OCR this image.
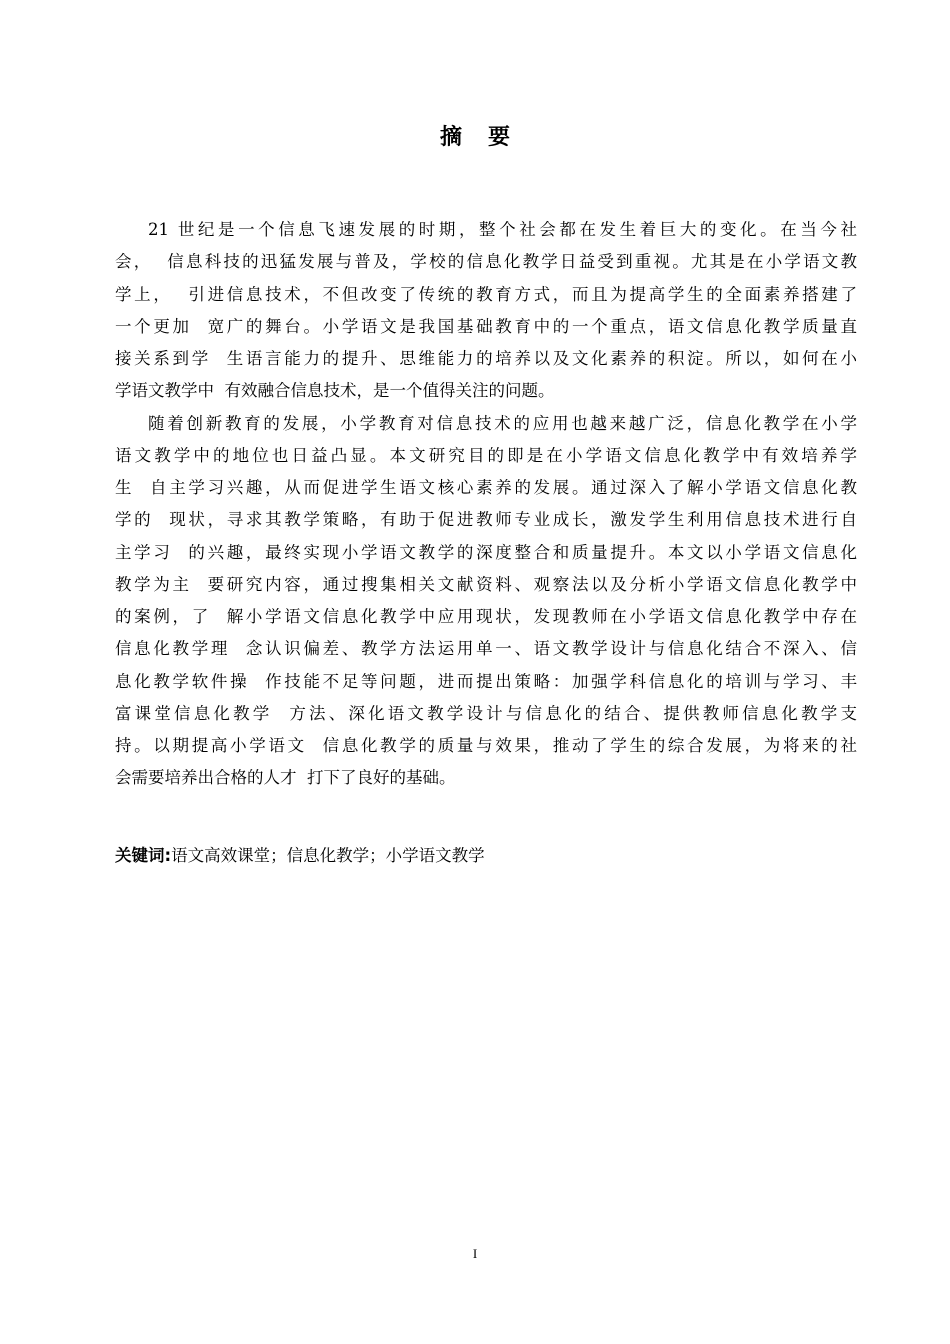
摘要
21 世纪是一个信息飞速发展的时期，整个社会都在发生着巨大的变化。在当今社
会，  信息科技的迅猛发展与普及，学校的信息化教学日益受到重视。尤其是在小学语文教
学上，  引进信息技术，不但改变了传统的教育方式，而且为提高学生的全面素养搭建了
一个更加  宽广的舞台。小学语文是我国基础教育中的一个重点，语文信息化教学质量直
接关系到学  生语言能力的提升、思维能力的培养以及文化素养的积淀。所以，如何在小
学语文教学中  有效融合信息技术，是一个值得关注的问题。
随着创新教育的发展，小学教育对信息技术的应用也越来越广泛，信息化教学在小学
语文教学中的地位也日益凸显。本文研究目的即是在小学语文信息化教学中有效培养学
生  自主学习兴趣，从而促进学生语文核心素养的发展。通过深入了解小学语文信息化教
学的  现状，寻求其教学策略，有助于促进教师专业成长，激发学生利用信息技术进行自
主学习  的兴趣，最终实现小学语文教学的深度整合和质量提升。本文以小学语文信息化
教学为主  要研究内容，通过搜集相关文献资料、观察法以及分析小学语文信息化教学中
的案例，了  解小学语文信息化教学中应用现状，发现教师在小学语文信息化教学中存在
信息化教学理  念认识偏差、教学方法运用单一、语文教学设计与信息化结合不深入、信
息化教学软件操  作技能不足等问题，进而提出策略：加强学科信息化的培训与学习、丰
富课堂信息化教学  方法、深化语文教学设计与信息化的结合、提供教师信息化教学支
持。以期提高小学语文  信息化教学的质量与效果，推动了学生的综合发展，为将来的社
会需要培养出合格的人才  打下了良好的基础。
关键词:语文高效课堂；信息化教学；小学语文教学
I
